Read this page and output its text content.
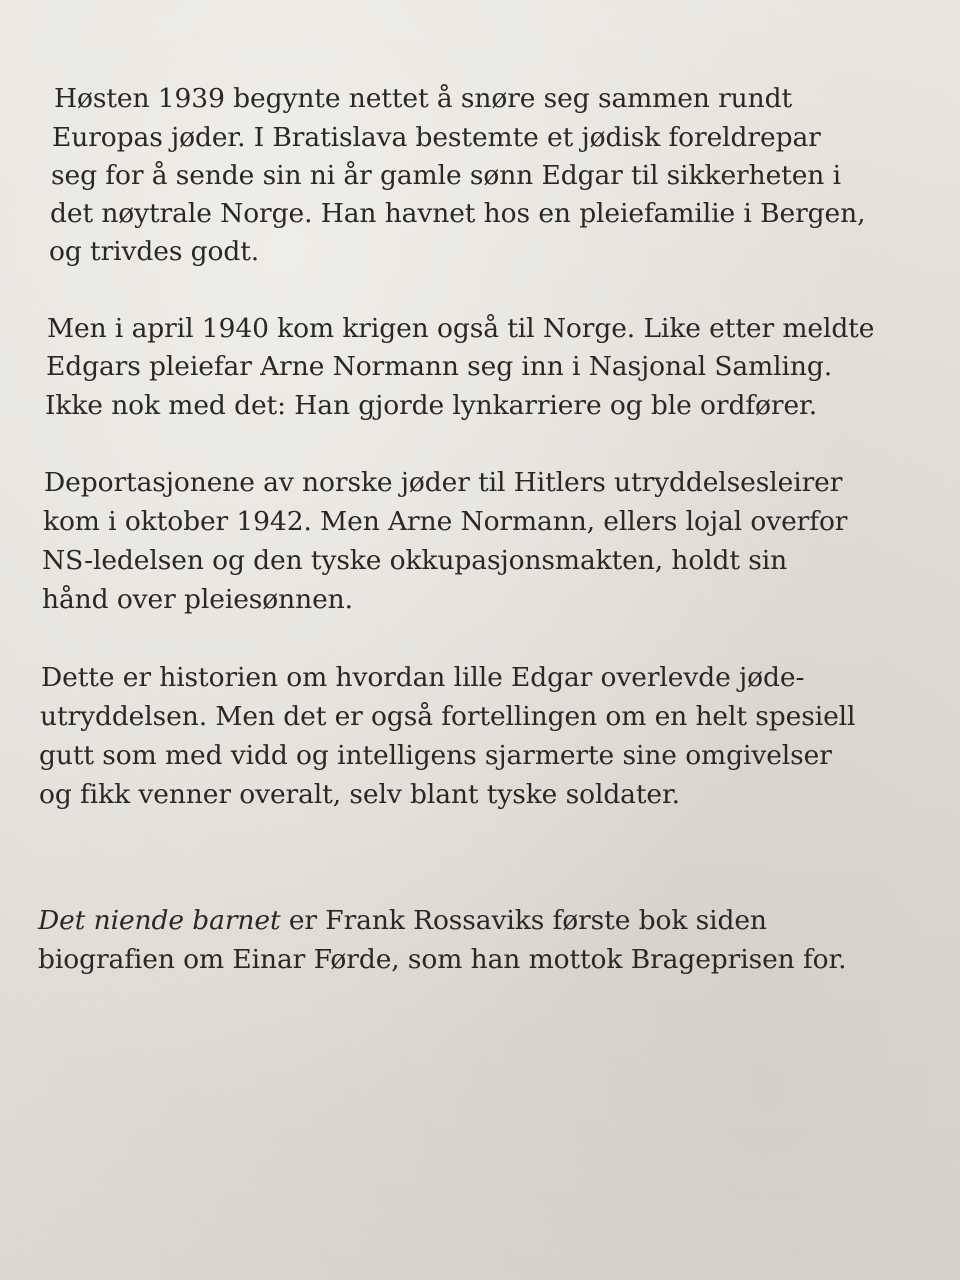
Høsten 1939 begynte nettet å snøre seg sammen rundt

Europas jøder. I Bratislava bestemte et jødisk foreldrepar

seg for å sende sin ni år gamle sønn Edgar til sikkerheten i

det nøytrale Norge. Han havnet hos en pleiefamilie i Bergen,

og trivdes godt.

Men i april 1940 kom krigen også til Norge. Like etter meldte

Edgars pleiefar Arne Normann seg inn i Nasjonal Samling.

Ikke nok med det: Han gjorde lynkarriere og ble ordfører.

Deportasjonene av norske jøder til Hitlers utryddelsesleirer

kom i oktober 1942. Men Arne Normann, ellers lojal overfor

NS-ledelsen og den tyske okkupasjonsmakten, holdt sin

hånd over pleiesønnen.

Dette er historien om hvordan lille Edgar overlevde jøde-

utryddelsen. Men det er også fortellingen om en helt spesiell

gutt som med vidd og intelligens sjarmerte sine omgivelser

og fikk venner overalt, selv blant tyske soldater.

Det niende barnet er Frank Rossaviks første bok siden

biografien om Einar Førde, som han mottok Brageprisen for.
